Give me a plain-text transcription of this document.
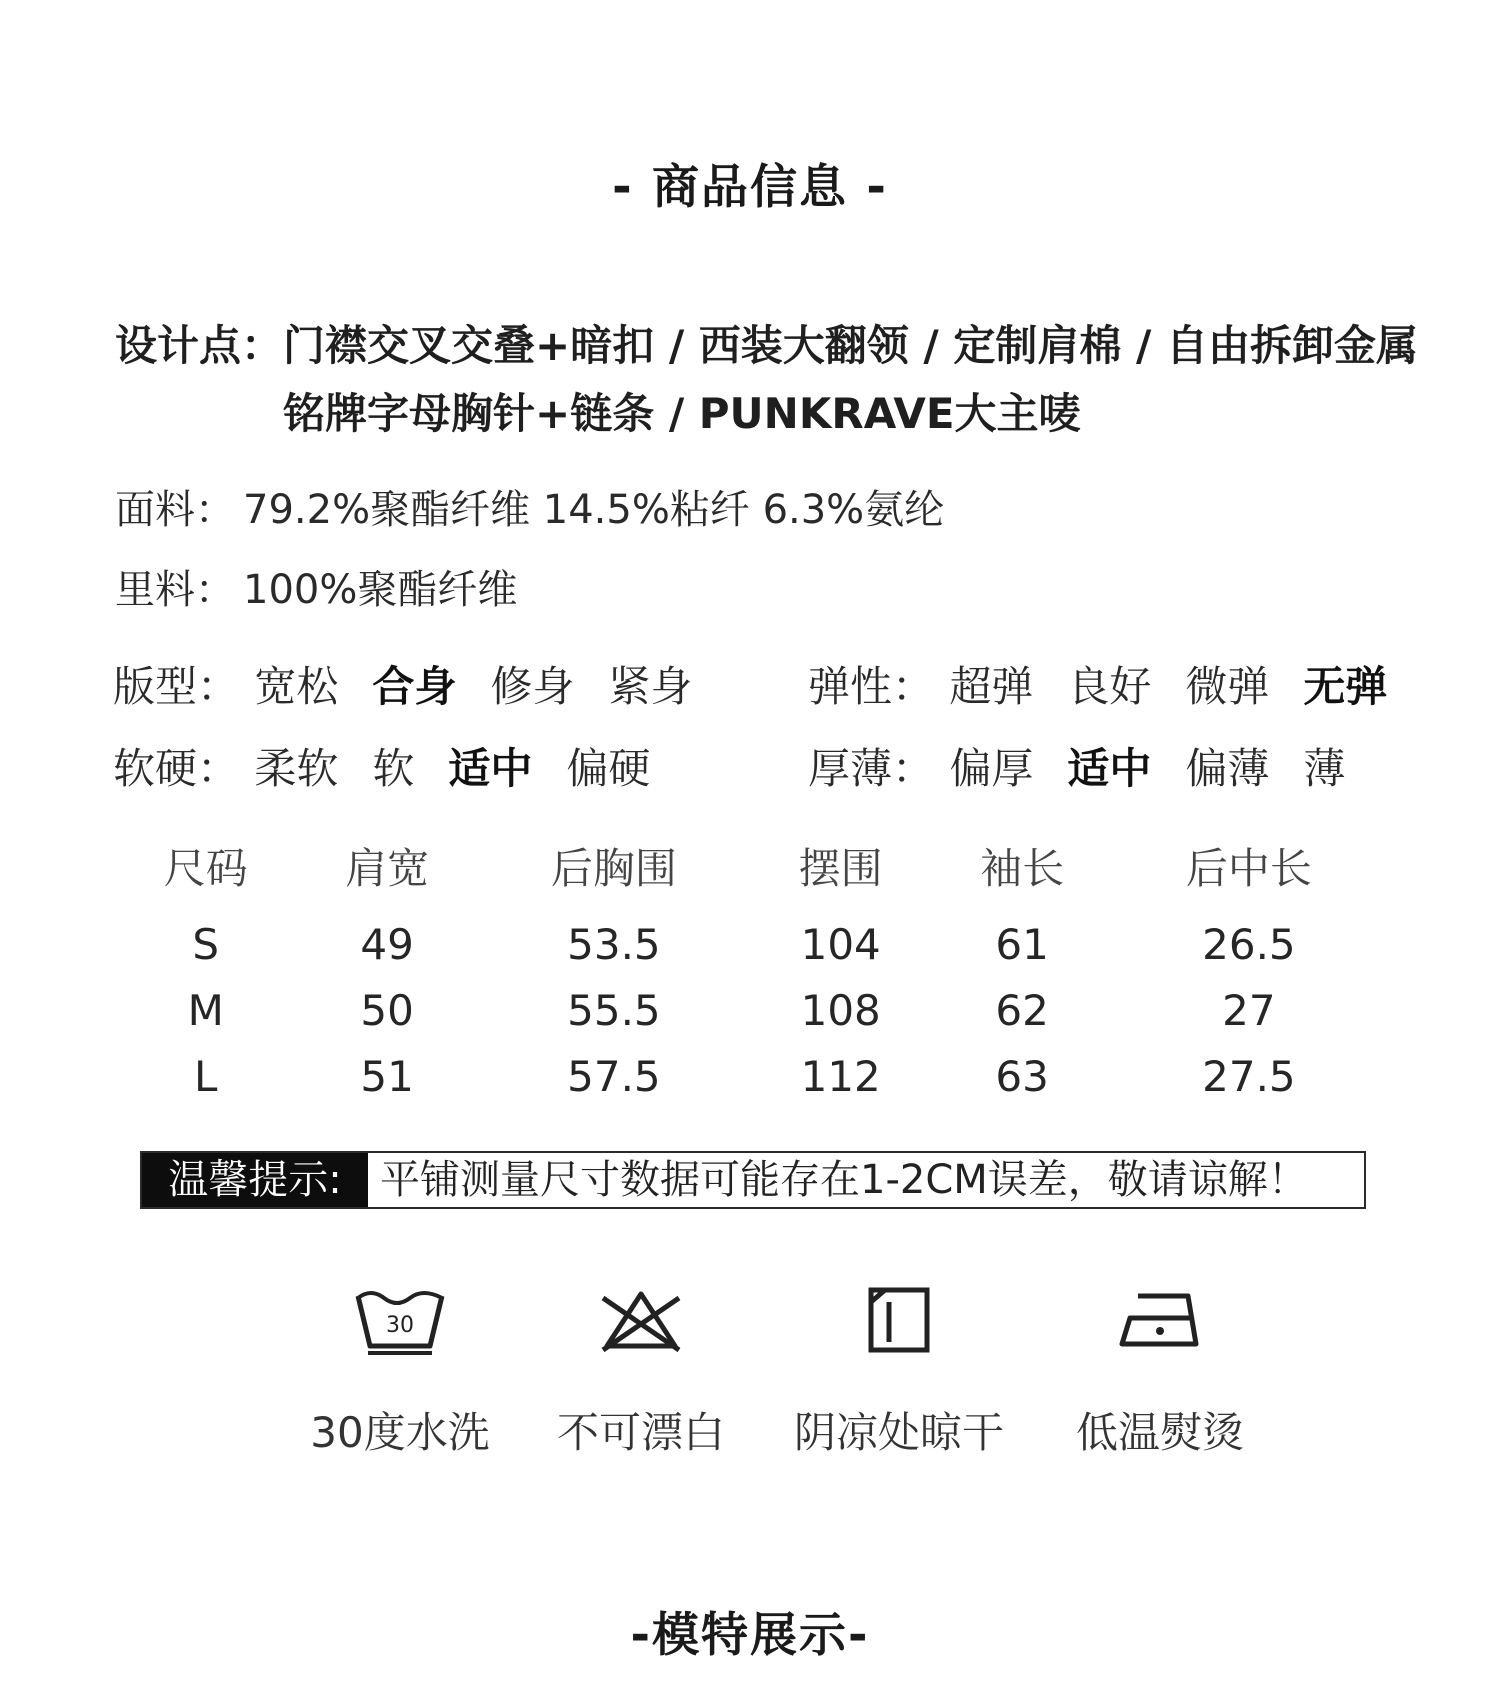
- 商品信息 -
设计点：门襟交叉交叠+暗扣 / 西装大翻领 / 定制肩棉 / 自由拆卸金属
铭牌字母胸针+链条 / PUNKRAVE大主唛
面料： 79.2%聚酯纤维 14.5%粘纤 6.3%氨纶
里料： 100%聚酯纤维
版型： 宽松 合身 修身 紧身	弹性： 超弹 良好 微弹 无弹
软硬： 柔软 软 适中 偏硬	厚薄： 偏厚 适中 偏薄 薄
尺码	肩宽	后胸围	摆围	袖长	后中长
S	49	53.5	104	61	26.5
M	50	55.5	108	62	27
L	51	57.5	112	63	27.5
温馨提示: 平铺测量尺寸数据可能存在1-2CM误差，敬请谅解！
30
30度水洗	不可漂白	阴凉处晾干	低温熨烫
-模特展示-
